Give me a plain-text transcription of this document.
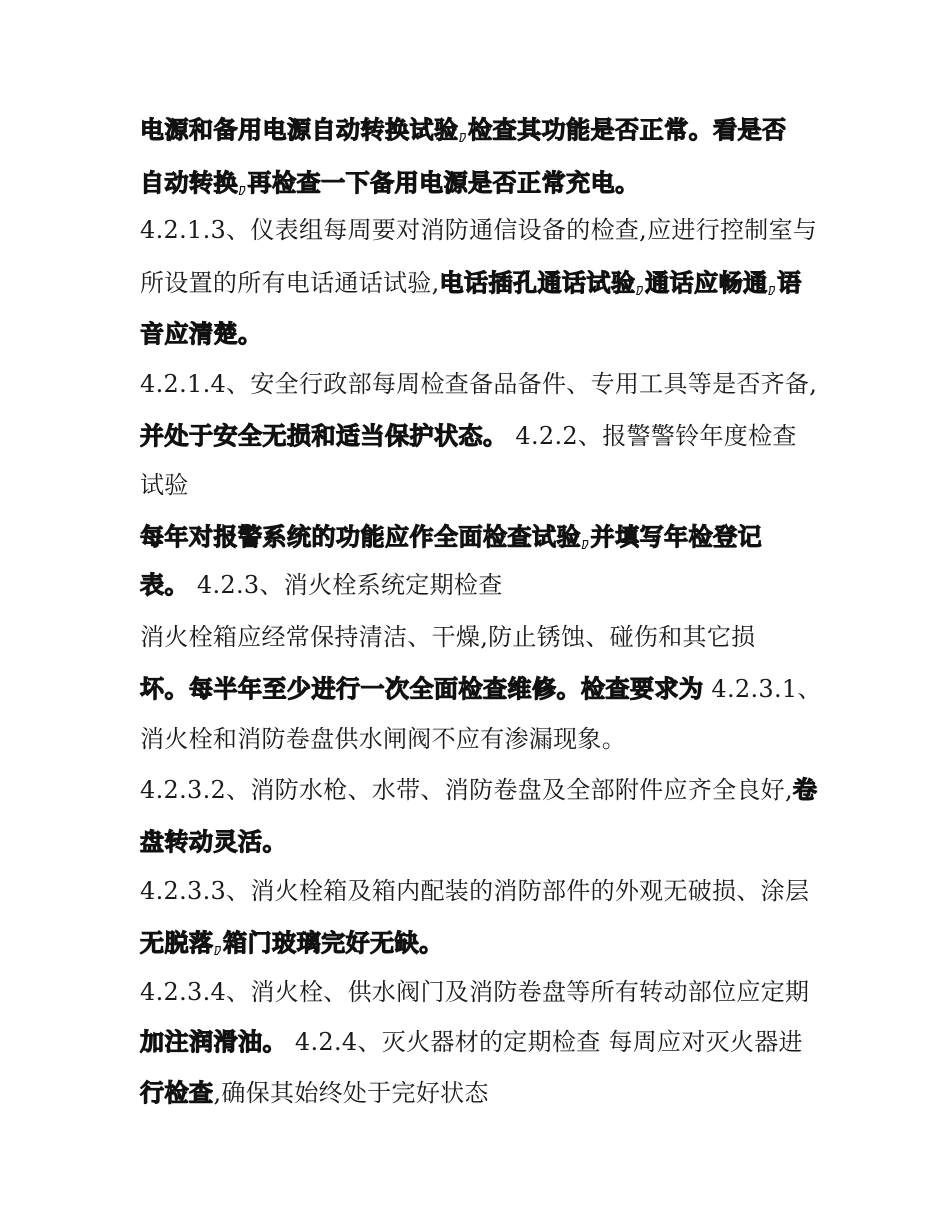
电源和备用电源自动转换试验,检查其功能是否正常。看是否
自动转换,再检查一下备用电源是否正常充电。
4.2.1.3、仪表组每周要对消防通信设备的检查,应进行控制室与
所设置的所有电话通话试验,电话插孔通话试验,通话应畅通,语
音应清楚。
4.2.1.4、安全行政部每周检查备品备件、专用工具等是否齐备,
并处于安全无损和适当保护状态。 4.2.2、报警警铃年度检查
试验
每年对报警系统的功能应作全面检查试验,并填写年检登记
表。 4.2.3、消火栓系统定期检查
消火栓箱应经常保持清洁、干燥,防止锈蚀、碰伤和其它损
坏。每半年至少进行一次全面检查维修。检查要求为 4.2.3.1、
消火栓和消防卷盘供水闸阀不应有渗漏现象。
4.2.3.2、消防水枪、水带、消防卷盘及全部附件应齐全良好,卷
盘转动灵活。
4.2.3.3、消火栓箱及箱内配装的消防部件的外观无破损、涂层
无脱落,箱门玻璃完好无缺。
4.2.3.4、消火栓、供水阀门及消防卷盘等所有转动部位应定期
加注润滑油。 4.2.4、灭火器材的定期检查 每周应对灭火器进
行检查,确保其始终处于完好状态
